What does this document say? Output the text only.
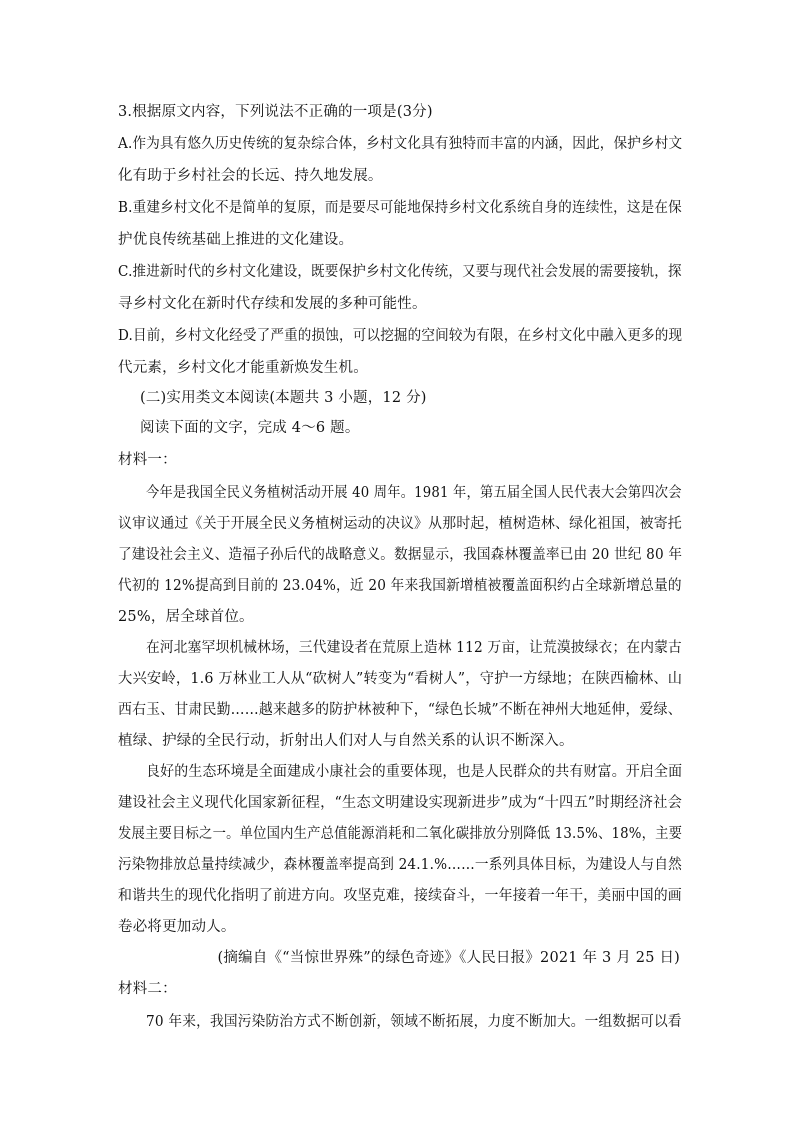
3.根据原文内容，下列说法不正确的一项是(3分)
A.作为具有悠久历史传统的复杂综合体，乡村文化具有独特而丰富的内涵，因此，保护乡村文
化有助于乡村社会的长远、持久地发展。
B.重建乡村文化不是简单的复原，而是要尽可能地保持乡村文化系统自身的连续性，这是在保
护优良传统基础上推进的文化建设。
C.推进新时代的乡村文化建设，既要保护乡村文化传统，又要与现代社会发展的需要接轨，探
寻乡村文化在新时代存续和发展的多种可能性。
D.目前，乡村文化经受了严重的损蚀，可以挖掘的空间较为有限，在乡村文化中融入更多的现
代元素，乡村文化才能重新焕发生机。
(二)实用类文本阅读(本题共 3 小题，12 分)
阅读下面的文字，完成 4～6 题。
材料一：
今年是我国全民义务植树活动开展 40 周年。1981 年，第五届全国人民代表大会第四次会
议审议通过《关于开展全民义务植树运动的决议》从那时起，植树造林、绿化祖国，被寄托
了建设社会主义、造福子孙后代的战略意义。数据显示，我国森林覆盖率已由 20 世纪 80 年
代初的 12%提高到目前的 23.04%，近 20 年来我国新增植被覆盖面积约占全球新增总量的
25%，居全球首位。
在河北塞罕坝机械林场，三代建设者在荒原上造林 112 万亩，让荒漠披绿衣；在内蒙古
大兴安岭，1.6 万林业工人从“砍树人”转变为“看树人”，守护一方绿地；在陕西榆林、山
西右玉、甘肃民勤……越来越多的防护林被种下，“绿色长城”不断在神州大地延伸，爱绿、
植绿、护绿的全民行动，折射出人们对人与自然关系的认识不断深入。
良好的生态环境是全面建成小康社会的重要体现，也是人民群众的共有财富。开启全面
建设社会主义现代化国家新征程，“生态文明建设实现新进步”成为“十四五”时期经济社会
发展主要目标之一。单位国内生产总值能源消耗和二氧化碳排放分别降低 13.5%、18%，主要
污染物排放总量持续减少，森林覆盖率提高到 24.1.%……一系列具体目标，为建设人与自然
和谐共生的现代化指明了前进方向。攻坚克难，接续奋斗，一年接着一年干，美丽中国的画
卷必将更加动人。
(摘编自《“当惊世界殊”的绿色奇迹》《人民日报》2021 年 3 月 25 日)
材料二：
70 年来，我国污染防治方式不断创新，领域不断拓展，力度不断加大。一组数据可以看
